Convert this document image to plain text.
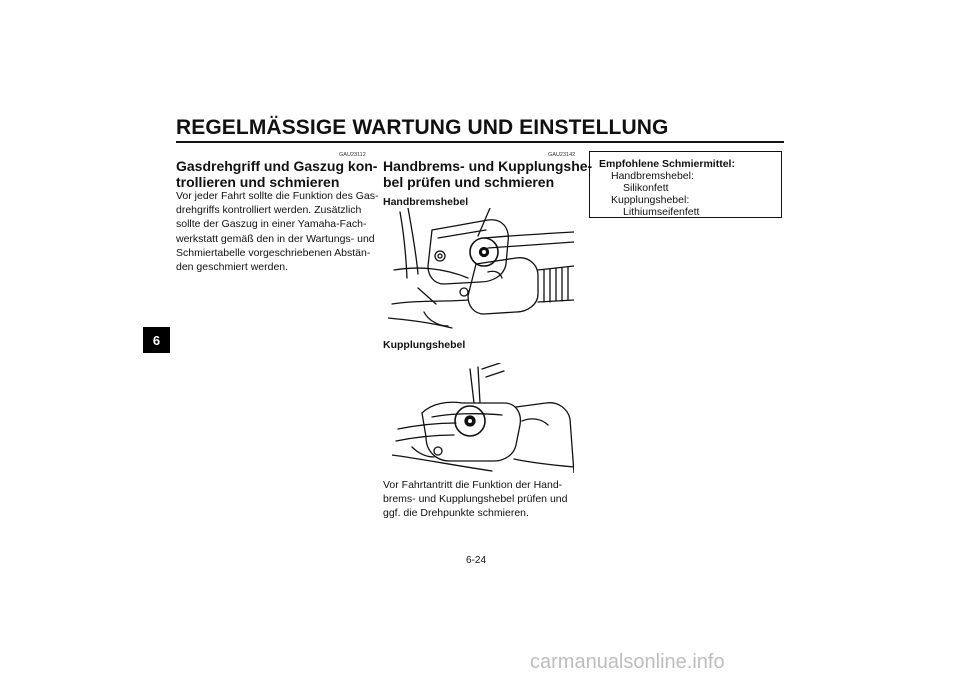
REGELMÄSSIGE WARTUNG UND EINSTELLUNG
6
GAU23112
Gasdrehgriff und Gaszug kon-
trollieren und schmieren
Vor jeder Fahrt sollte die Funktion des Gas-
drehgriffs kontrolliert werden. Zusätzlich
sollte der Gaszug in einer Yamaha-Fach-
werkstatt gemäß den in der Wartungs- und
Schmiertabelle vorgeschriebenen Abstän-
den geschmiert werden.
GAU23142
Handbrems- und Kupplungshe-
bel prüfen und schmieren
Handbremshebel
Kupplungshebel
Vor Fahrtantritt die Funktion der Hand-
brems- und Kupplungshebel prüfen und
ggf. die Drehpunkte schmieren.
Empfohlene Schmiermittel:
Handbremshebel:
Silikonfett
Kupplungshebel:
Lithiumseifenfett
6-24
carmanualsonline.info
